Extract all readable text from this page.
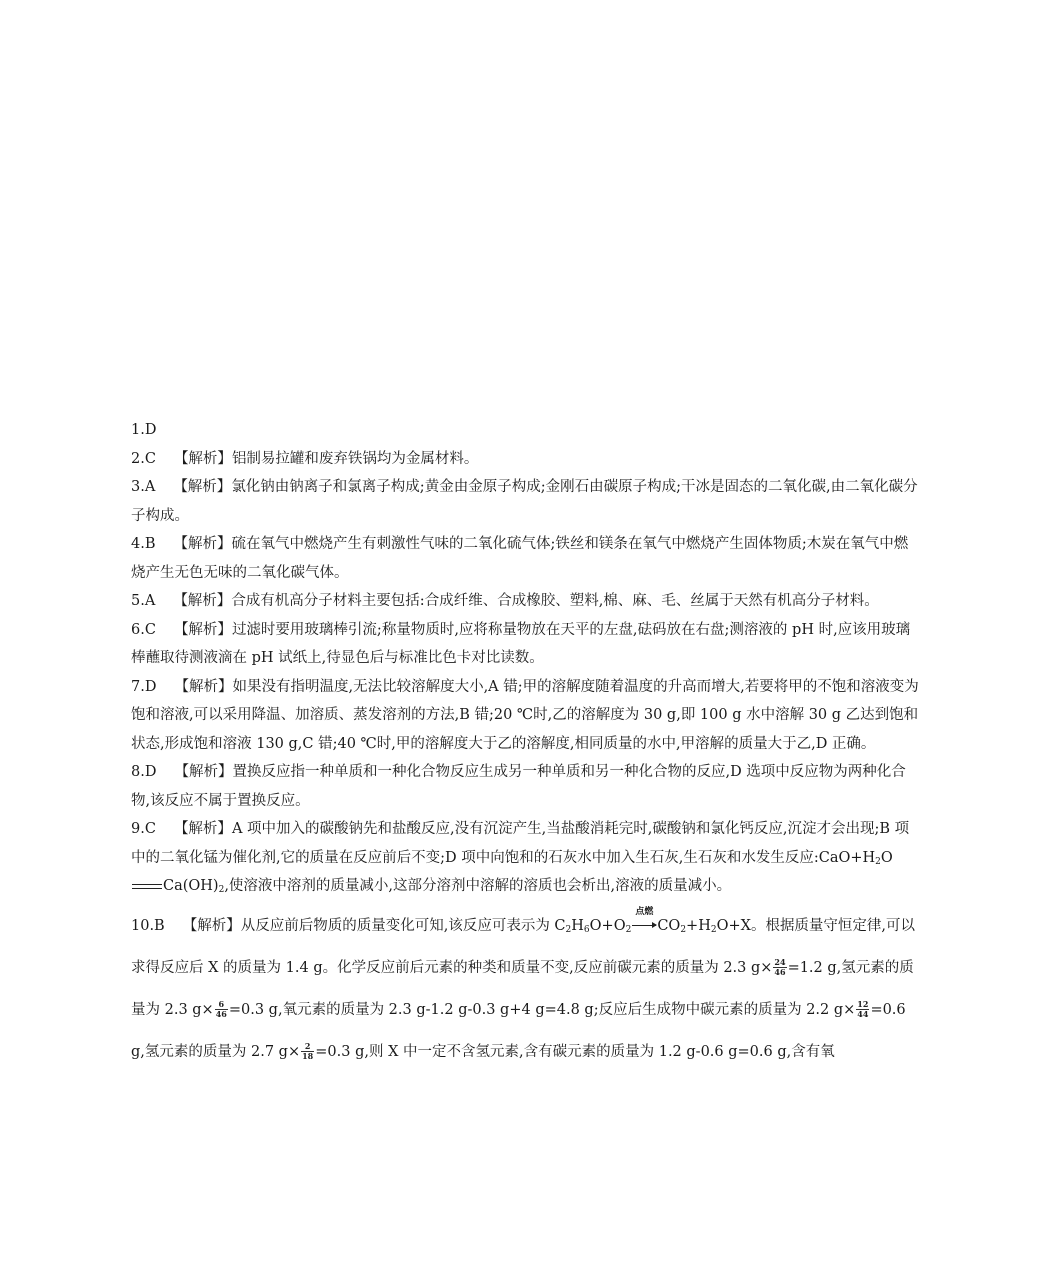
1.D

2.C 【解析】铝制易拉罐和废弃铁锅均为金属材料。

3.A 【解析】氯化钠由钠离子和氯离子构成;黄金由金原子构成;金刚石由碳原子构成;干冰是固态的二氧化碳,由二氧化碳分子构成。

4.B 【解析】硫在氧气中燃烧产生有刺激性气味的二氧化硫气体;铁丝和镁条在氧气中燃烧产生固体物质;木炭在氧气中燃烧产生无色无味的二氧化碳气体。

5.A 【解析】合成有机高分子材料主要包括:合成纤维、合成橡胶、塑料,棉、麻、毛、丝属于天然有机高分子材料。

6.C 【解析】过滤时要用玻璃棒引流;称量物质时,应将称量物放在天平的左盘,砝码放在右盘;测溶液的 pH 时,应该用玻璃棒蘸取待测液滴在 pH 试纸上,待显色后与标准比色卡对比读数。

7.D 【解析】如果没有指明温度,无法比较溶解度大小,A 错;甲的溶解度随着温度的升高而增大,若要将甲的不饱和溶液变为饱和溶液,可以采用降温、加溶质、蒸发溶剂的方法,B 错;20 ℃时,乙的溶解度为 30 g,即 100 g 水中溶解 30 g 乙达到饱和状态,形成饱和溶液 130 g,C 错;40 ℃时,甲的溶解度大于乙的溶解度,相同质量的水中,甲溶解的质量大于乙,D 正确。

8.D 【解析】置换反应指一种单质和一种化合物反应生成另一种单质和另一种化合物的反应,D 选项中反应物为两种化合物,该反应不属于置换反应。

9.C 【解析】A 项中加入的碳酸钠先和盐酸反应,没有沉淀产生,当盐酸消耗完时,碳酸钠和氯化钙反应,沉淀才会出现;B 项中的二氧化锰为催化剂,它的质量在反应前后不变;D 项中向饱和的石灰水中加入生石灰,生石灰和水发生反应$:CaO+H_2OCa(OH)_2$,使溶液中溶剂的质量减小,这部分溶剂中溶解的溶质也会析出,溶液的质量减小。

10.B 【解析】从反应前后物质的质量变化可知,该反应可表示为 $C_2H_6O+O_2$
点燃
$CO_2+H_2O+X$。根据质量守恒定律,可以求得反应后 X 的质量为 1.4 g。化学反应前后元素的种类和质量不变,反应前碳元素的质量为 2.3 $g\times \frac{24}{46} =1.2$ g,氢元素的质量为 2.3 $g\times \frac{6}{46} =0.3$ g,氧元素的质量为 2.3 g-1.2 g-0.3 g+4 g=4.8 g;反应后生成物中碳元素的质量为 2.2 $g\times \frac{12}{44} =0.6$ g,氢元素的质量为 2.7 $g\times \frac{2}{18} =0.3$ g,则 X 中一定不含氢元素,含有碳元素的质量为 1.2 g-0.6 g=0.6 g,含有氧
